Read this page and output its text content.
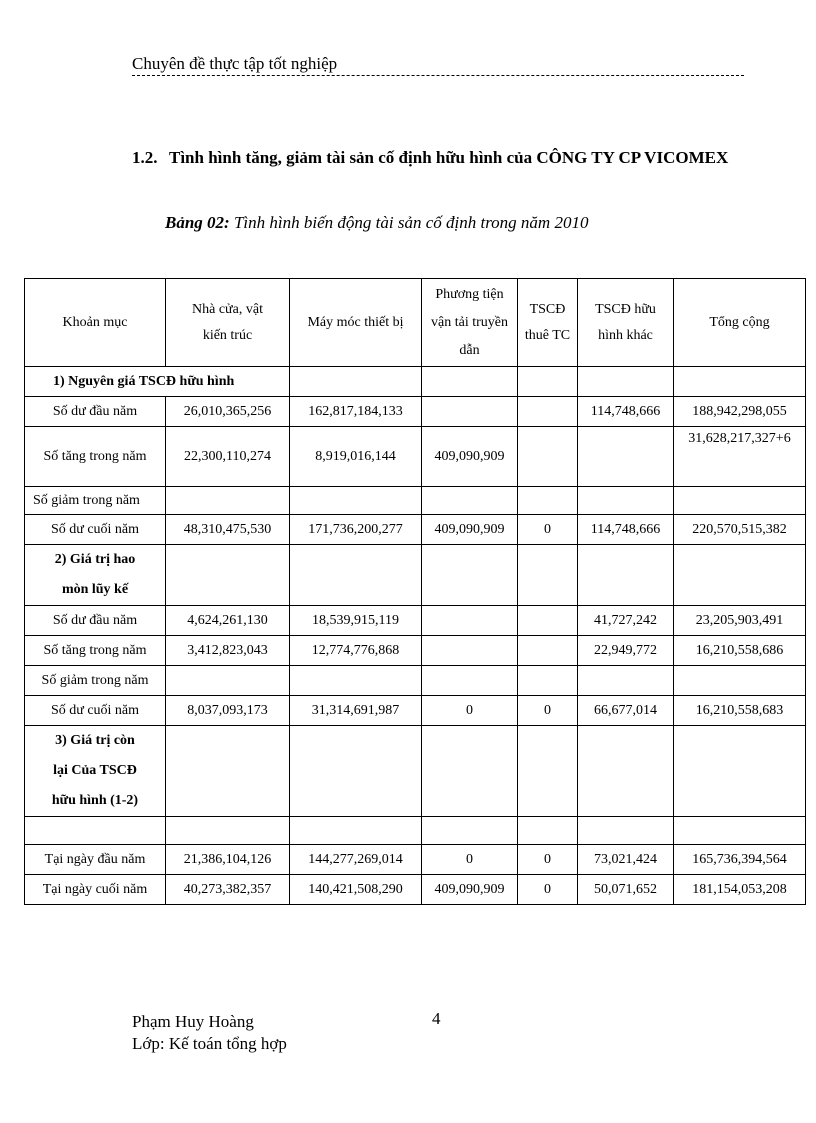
Chuyên đề thực tập tốt nghiệp
1.2. Tình hình tăng, giảm tài sản cố định hữu hình của CÔNG TY CP VICOMEX
Bảng 02: Tình hình biến động tài sản cố định trong năm 2010
Khoản mục	Nhà cửa, vật kiến trúc	Máy móc thiết bị	Phương tiện vận tải truyền dẫn	TSCĐ thuê TC	TSCĐ hữu hình khác	Tổng cộng
1) Nguyên giá TSCĐ hữu hình						
Số dư đầu năm	26,010,365,256	162,817,184,133			114,748,666	188,942,298,055
Số tăng trong năm	22,300,110,274	8,919,016,144	409,090,909			31,628,217,327+6
Số giảm trong năm						
Số dư cuối năm	48,310,475,530	171,736,200,277	409,090,909	0	114,748,666	220,570,515,382
2) Giá trị hao mòn lũy kế						
Số dư đầu năm	4,624,261,130	18,539,915,119			41,727,242	23,205,903,491
Số tăng trong năm	3,412,823,043	12,774,776,868			22,949,772	16,210,558,686
Số giảm trong năm						
Số dư cuối năm	8,037,093,173	31,314,691,987	0	0	66,677,014	16,210,558,683
3) Giá trị còn lại Của TSCĐ hữu hình (1-2)						

Tại ngày đầu năm	21,386,104,126	144,277,269,014	0	0	73,021,424	165,736,394,564
Tại ngày cuối năm	40,273,382,357	140,421,508,290	409,090,909	0	50,071,652	181,154,053,208
Phạm Huy Hoàng
Lớp: Kế toán tổng hợp
4
